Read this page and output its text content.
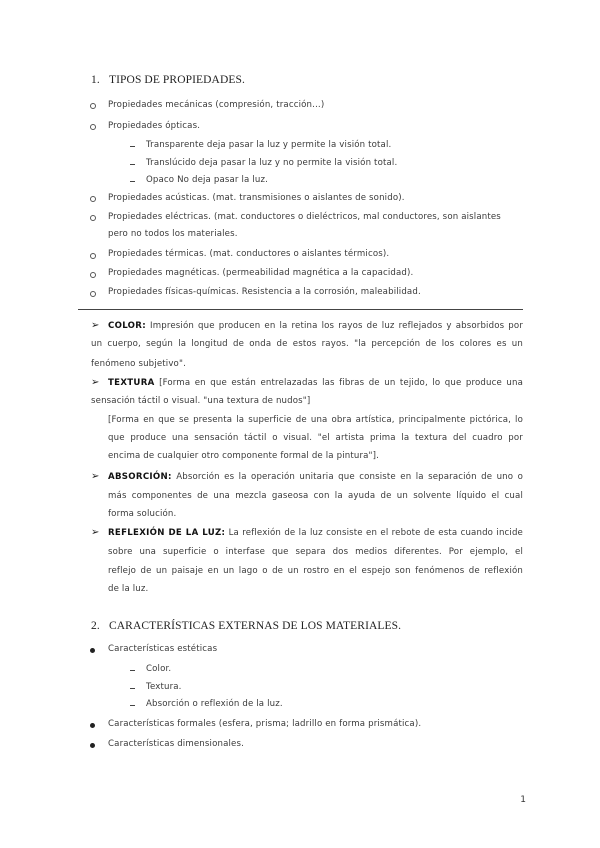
1. TIPOS DE PROPIEDADES.
Propiedades mecánicas (compresión, tracción…)
Propiedades ópticas.
Transparente deja pasar la luz y permite la visión total.
Translúcido deja pasar la luz y no permite la visión total.
Opaco No deja pasar la luz.
Propiedades acústicas. (mat. transmisiones o aislantes de sonido).
Propiedades eléctricas. (mat. conductores o dieléctricos, mal conductores, son aislantes
pero no todos los materiales.
Propiedades térmicas. (mat. conductores o aislantes térmicos).
Propiedades magnéticas. (permeabilidad magnética a la capacidad).
Propiedades físicas-químicas. Resistencia a la corrosión, maleabilidad.
➢ COLOR: Impresión que producen en la retina los rayos de luz reflejados y absorbidos por
un cuerpo, según la longitud de onda de estos rayos. "la percepción de los colores es un
fenómeno subjetivo".
➢ TEXTURA [Forma en que están entrelazadas las fibras de un tejido, lo que produce una
sensación táctil o visual. "una textura de nudos"]
[Forma en que se presenta la superficie de una obra artística, principalmente pictórica, lo
que produce una sensación táctil o visual. "el artista prima la textura del cuadro por
encima de cualquier otro componente formal de la pintura"].
➢ ABSORCIÓN: Absorción es la operación unitaria que consiste en la separación de uno o
más componentes de una mezcla gaseosa con la ayuda de un solvente líquido el cual
forma solución.
➢ REFLEXIÓN DE LA LUZ: La reflexión de la luz consiste en el rebote de esta cuando incide
sobre una superficie o interfase que separa dos medios diferentes. Por ejemplo, el
reflejo de un paisaje en un lago o de un rostro en el espejo son fenómenos de reflexión
de la luz.
2. CARACTERÍSTICAS EXTERNAS DE LOS MATERIALES.
Características estéticas
Color.
Textura.
Absorción o reflexión de la luz.
Características formales (esfera, prisma; ladrillo en forma prismática).
Características dimensionales.
1
